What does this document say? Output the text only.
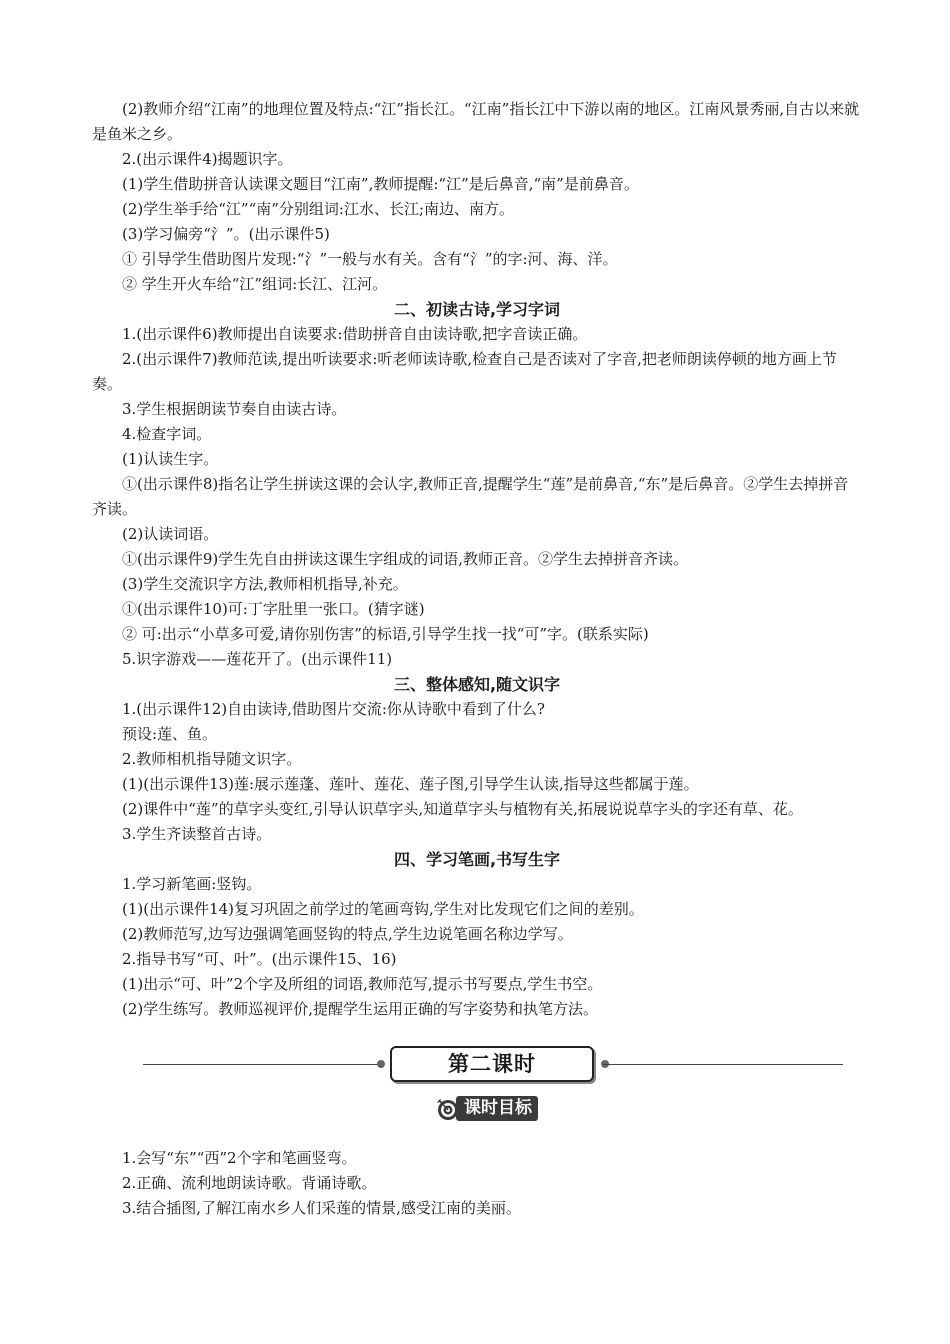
(2)教师介绍“江南”的地理位置及特点:“江”指长江。“江南”指长江中下游以南的地区。江南风景秀丽,自古以来就是鱼米之乡。

2.(出示课件4)揭题识字。

(1)学生借助拼音认读课文题目“江南”,教师提醒:“江”是后鼻音,“南”是前鼻音。

(2)学生举手给“江”“南”分别组词:江水、长江;南边、南方。

(3)学习偏旁“氵”。(出示课件5)

① 引导学生借助图片发现:“氵”一般与水有关。含有“氵”的字:河、海、洋。

② 学生开火车给“江”组词:长江、江河。

二、初读古诗,学习字词

1.(出示课件6)教师提出自读要求:借助拼音自由读诗歌,把字音读正确。

2.(出示课件7)教师范读,提出听读要求:听老师读诗歌,检查自己是否读对了字音,把老师朗读停顿的地方画上节奏。

3.学生根据朗读节奏自由读古诗。

4.检查字词。

(1)认读生字。

①(出示课件8)指名让学生拼读这课的会认字,教师正音,提醒学生“莲”是前鼻音,“东”是后鼻音。②学生去掉拼音齐读。

(2)认读词语。

①(出示课件9)学生先自由拼读这课生字组成的词语,教师正音。②学生去掉拼音齐读。

(3)学生交流识字方法,教师相机指导,补充。

①(出示课件10)可:丁字肚里一张口。(猜字谜)

② 可:出示“小草多可爱,请你别伤害”的标语,引导学生找一找“可”字。(联系实际)

5.识字游戏——莲花开了。(出示课件11)

三、整体感知,随文识字

1.(出示课件12)自由读诗,借助图片交流:你从诗歌中看到了什么?

预设:莲、鱼。

2.教师相机指导随文识字。

(1)(出示课件13)莲:展示莲蓬、莲叶、莲花、莲子图,引导学生认读,指导这些都属于莲。

(2)课件中“莲”的草字头变红,引导认识草字头,知道草字头与植物有关,拓展说说草字头的字还有草、花。

3.学生齐读整首古诗。

四、学习笔画,书写生字

1.学习新笔画:竖钩。

(1)(出示课件14)复习巩固之前学过的笔画弯钩,学生对比发现它们之间的差别。

(2)教师范写,边写边强调笔画竖钩的特点,学生边说笔画名称边学写。

2.指导书写“可、叶”。(出示课件15、16)

(1)出示“可、叶”2个字及所组的词语,教师范写,提示书写要点,学生书空。

(2)学生练写。教师巡视评价,提醒学生运用正确的写字姿势和执笔方法。

第二课时
课时目标

1.会写“东”“西”2个字和笔画竖弯。

2.正确、流利地朗读诗歌。背诵诗歌。

3.结合插图,了解江南水乡人们采莲的情景,感受江南的美丽。
